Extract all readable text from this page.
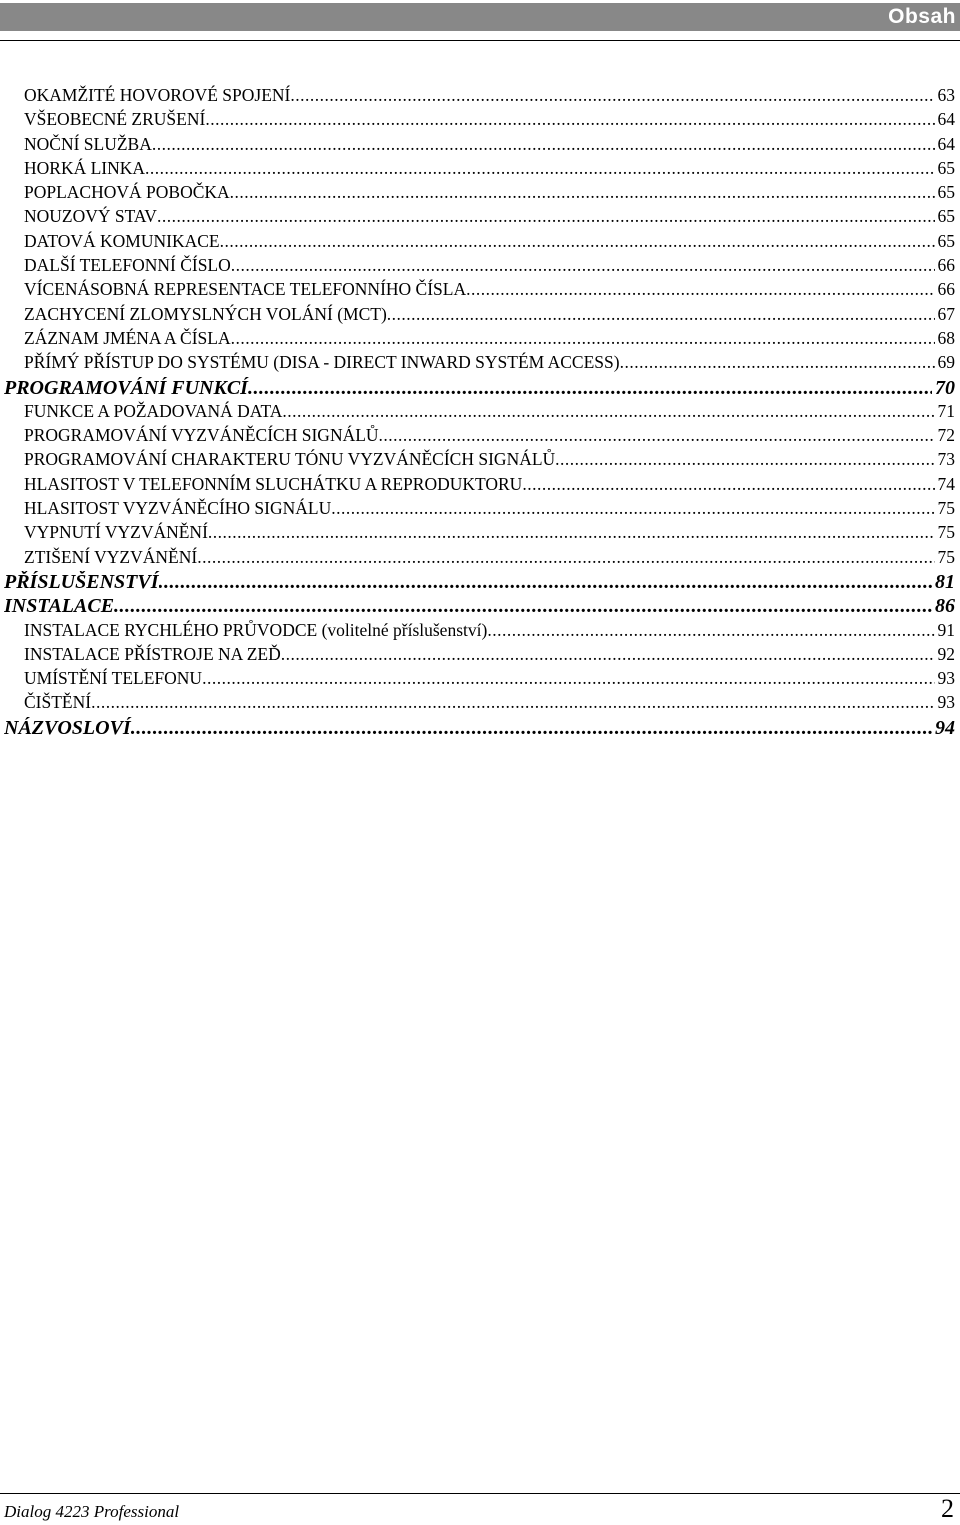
Obsah
OKAMŽITÉ HOVOROVÉ SPOJENÍ .....	63
VŠEOBECNÉ ZRUŠENÍ .....	64
NOČNÍ SLUŽBA .....	64
HORKÁ LINKA .....	65
POPLACHOVÁ POBOČKA .....	65
NOUZOVÝ STAV .....	65
DATOVÁ KOMUNIKACE .....	65
DALŠÍ TELEFONNÍ ČÍSLO .....	66
VÍCENÁSOBNÁ REPRESENTACE TELEFONNÍHO ČÍSLA .....	66
ZACHYCENÍ ZLOMYSLNÝCH VOLÁNÍ (MCT) .....	67
ZÁZNAM JMÉNA A ČÍSLA .....	68
PŘÍMÝ PŘÍSTUP DO SYSTÉMU (DISA - DIRECT INWARD SYSTÉM ACCESS) .....	69
PROGRAMOVÁNÍ FUNKCÍ .....	70
FUNKCE A POŽADOVANÁ DATA .....	71
PROGRAMOVÁNÍ VYZVÁNĚCÍCH SIGNÁLŮ .....	72
PROGRAMOVÁNÍ CHARAKTERU TÓNU VYZVÁNĚCÍCH SIGNÁLŮ .....	73
HLASITOST V TELEFONNÍM SLUCHÁTKU A REPRODUKTORU .....	74
HLASITOST VYZVÁNĚCÍHO SIGNÁLU .....	75
VYPNUTÍ VYZVÁNĚNÍ .....	75
ZTIŠENÍ VYZVÁNĚNÍ .....	75
PŘÍSLUŠENSTVÍ .....	81
INSTALACE .....	86
INSTALACE RYCHLÉHO PRŮVODCE (volitelné příslušenství) .....	91
INSTALACE PŘÍSTROJE NA ZEĎ .....	92
UMÍSTĚNÍ TELEFONU .....	93
ČIŠTĚNÍ .....	93
NÁZVOSLOVÍ .....	94
Dialog 4223 Professional	2
